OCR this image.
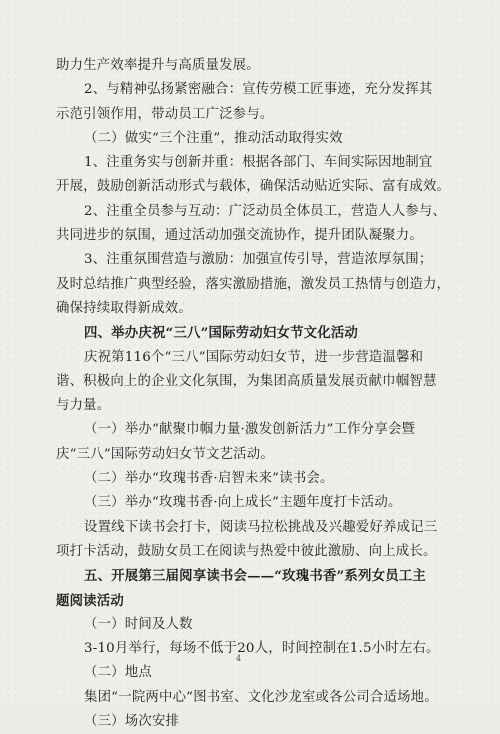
助力生产效率提升与高质量发展。
2、与精神弘扬紧密融合：宣传劳模工匠事迹，充分发挥其
示范引领作用，带动员工广泛参与。
（二）做实“三个注重”，推动活动取得实效
1、注重务实与创新并重：根据各部门、车间实际因地制宜
开展，鼓励创新活动形式与载体，确保活动贴近实际、富有成效。
2、注重全员参与互动：广泛动员全体员工，营造人人参与、
共同进步的氛围，通过活动加强交流协作，提升团队凝聚力。
3、注重氛围营造与激励：加强宣传引导，营造浓厚氛围；
及时总结推广典型经验，落实激励措施，激发员工热情与创造力，
确保持续取得新成效。
四、举办庆祝“三八”国际劳动妇女节文化活动
庆祝第116个“三八”国际劳动妇女节，进一步营造温馨和
谐、积极向上的企业文化氛围，为集团高质量发展贡献巾帼智慧
与力量。
（一）举办“献聚巾帼力量·激发创新活力”工作分享会暨
庆“三八”国际劳动妇女节文艺活动。
（二）举办“玫瑰书香·启智未来”读书会。
（三）举办“玫瑰书香·向上成长”主题年度打卡活动。
设置线下读书会打卡，阅读马拉松挑战及兴趣爱好养成记三
项打卡活动，鼓励女员工在阅读与热爱中彼此激励、向上成长。
五、开展第三届阅享读书会——“玫瑰书香”系列女员工主
题阅读活动
（一）时间及人数
3-10月举行，每场不低于20人，时间控制在1.5小时左右。
（二）地点
集团“一院两中心”图书室、文化沙龙室或各公司合适场地。
（三）场次安排
4
